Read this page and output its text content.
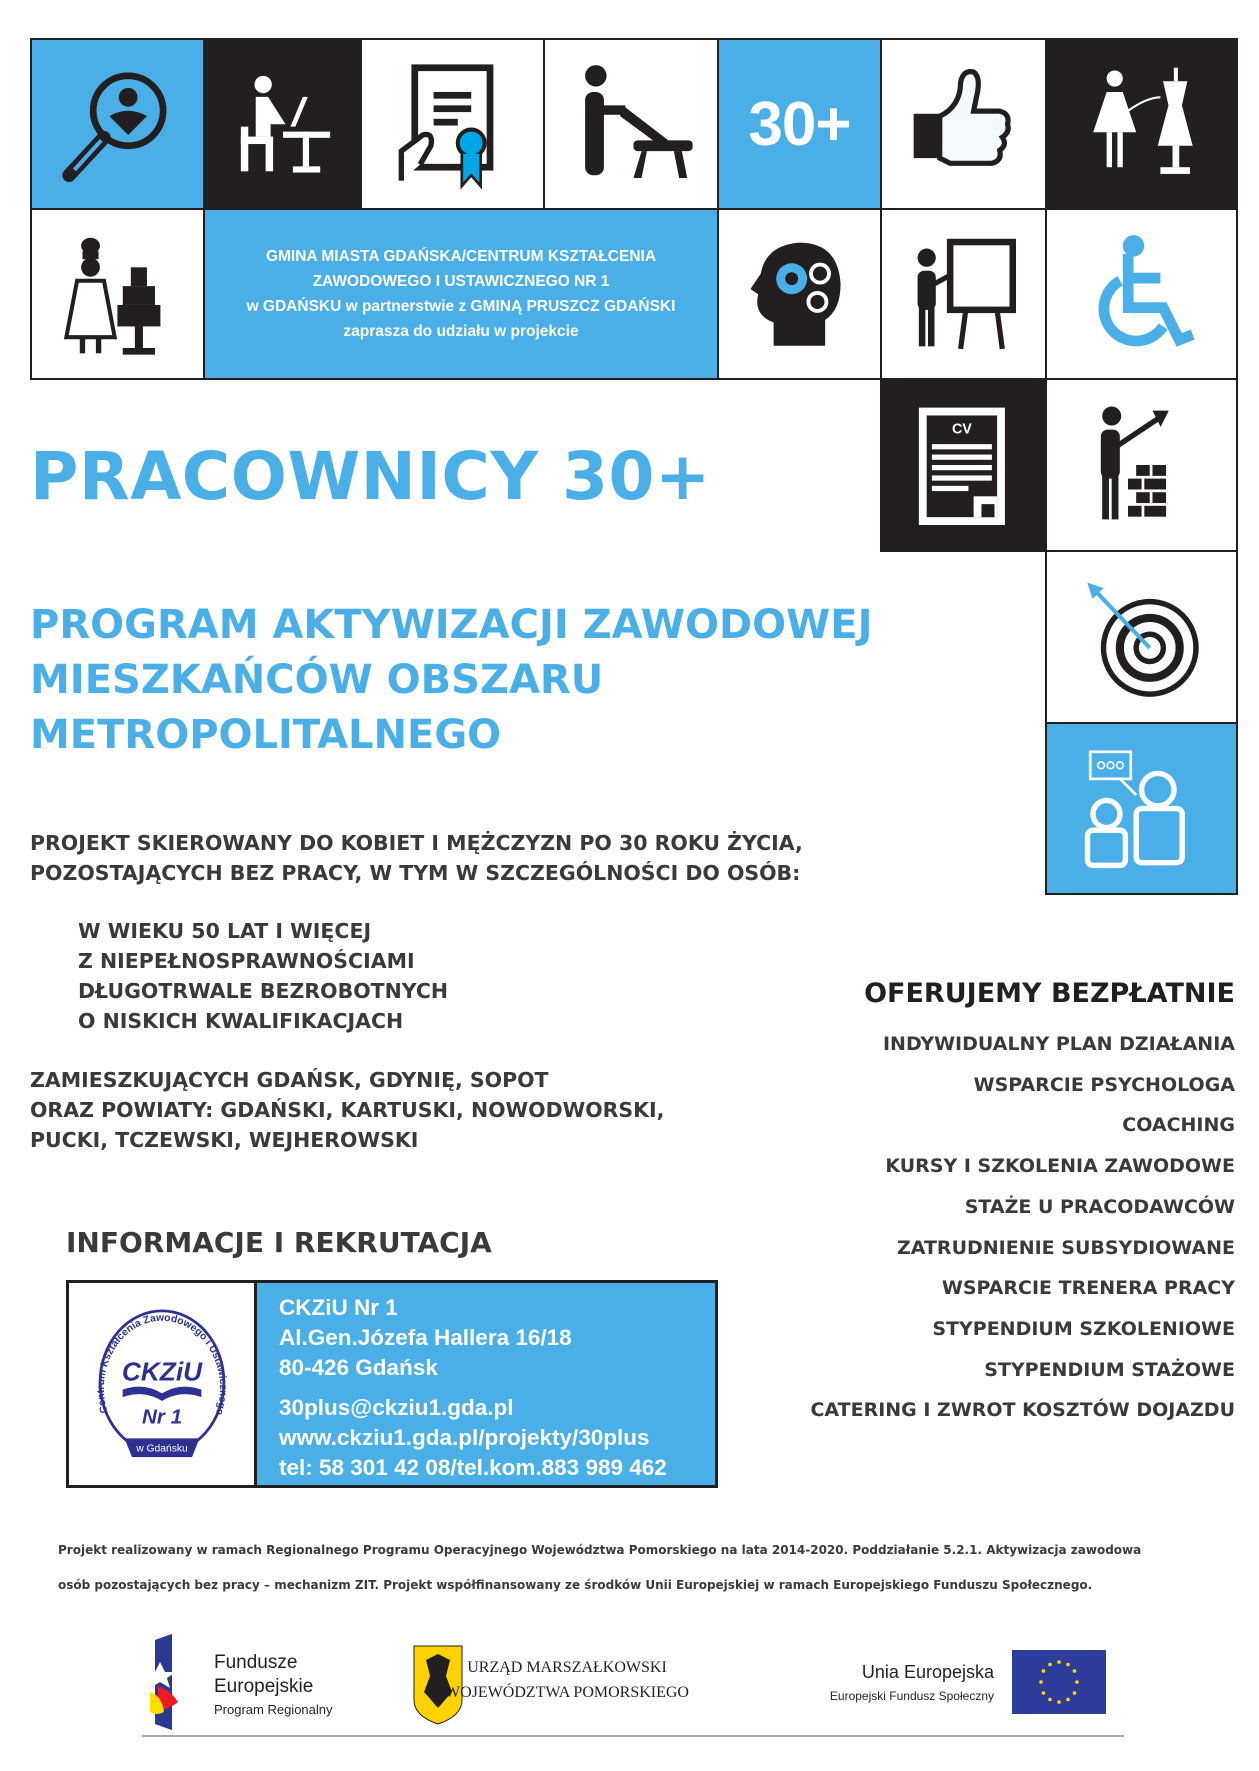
30+
GMINA MIASTA GDAŃSKA/CENTRUM KSZTAŁCENIA
ZAWODOWEGO I USTAWICZNEGO NR 1
w GDAŃSKU w partnerstwie z GMINĄ PRUSZCZ GDAŃSKI
zaprasza do udziału w projekcie
CV
PRACOWNICY 30+
PROGRAM AKTYWIZACJI ZAWODOWEJ
MIESZKAŃCÓW OBSZARU
METROPOLITALNEGO
PROJEKT SKIEROWANY DO KOBIET I MĘŻCZYZN PO 30 ROKU ŻYCIA,
POZOSTAJĄCYCH BEZ PRACY, W TYM W SZCZEGÓLNOŚCI DO OSÓB:
W WIEKU 50 LAT I WIĘCEJ
Z NIEPEŁNOSPRAWNOŚCIAMI
DŁUGOTRWALE BEZROBOTNYCH
O NISKICH KWALIFIKACJACH
ZAMIESZKUJĄCYCH GDAŃSK, GDYNIĘ, SOPOT
ORAZ POWIATY: GDAŃSKI, KARTUSKI, NOWODWORSKI,
PUCKI, TCZEWSKI, WEJHEROWSKI
OFERUJEMY BEZPŁATNIE
INDYWIDUALNY PLAN DZIAŁANIA
WSPARCIE PSYCHOLOGA
COACHING
KURSY I SZKOLENIA ZAWODOWE
STAŻE U PRACODAWCÓW
ZATRUDNIENIE SUBSYDIOWANE
WSPARCIE TRENERA PRACY
STYPENDIUM SZKOLENIOWE
STYPENDIUM STAŻOWE
CATERING I ZWROT KOSZTÓW DOJAZDU
INFORMACJE I REKRUTACJA
Centrum Kształcenia Zawodowego i Ustawicznego
CKZiU
Nr 1
w Gdańsku
CKZiU Nr 1
Al.Gen.Józefa Hallera 16/18
80-426 Gdańsk
30plus@ckziu1.gda.pl
www.ckziu1.gda.pl/projekty/30plus
tel: 58 301 42 08/tel.kom.883 989 462
Projekt realizowany w ramach Regionalnego Programu Operacyjnego Województwa Pomorskiego na lata 2014-2020. Poddziałanie 5.2.1. Aktywizacja zawodowa
osób pozostających bez pracy – mechanizm ZIT. Projekt współfinansowany ze środków Unii Europejskiej w ramach Europejskiego Funduszu Społecznego.
Fundusze
Europejskie
Program Regionalny
URZĄD MARSZAŁKOWSKI
WOJEWÓDZTWA POMORSKIEGO
Unia Europejska
Europejski Fundusz Społeczny
